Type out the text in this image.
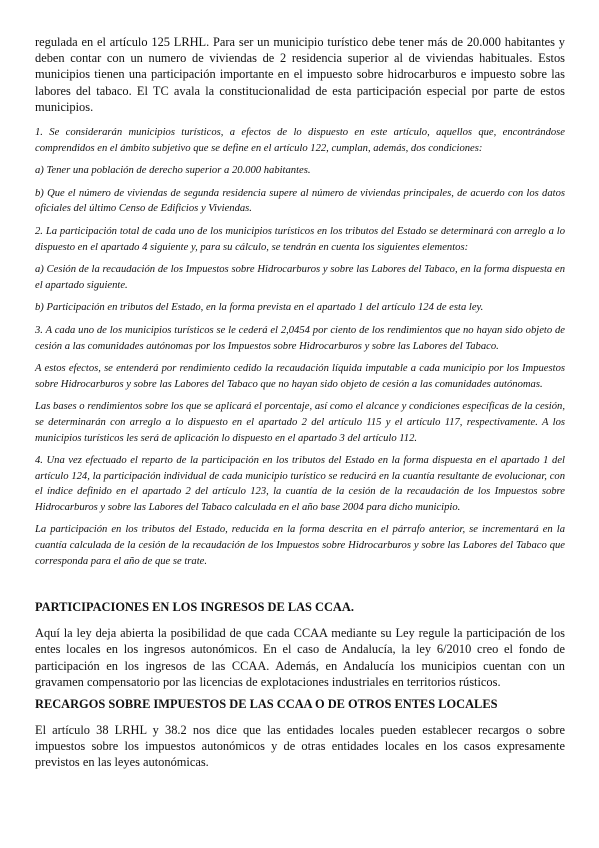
regulada en el artículo 125 LRHL. Para ser un municipio turístico debe tener más de 20.000 habitantes y deben contar con un numero de viviendas de 2 residencia superior al de viviendas habituales. Estos municipios tienen una participación importante en el impuesto sobre hidrocarburos e impuesto sobre las labores del tabaco. El TC avala la constitucionalidad de esta participación especial por parte de estos municipios.

1. Se considerarán municipios turísticos, a efectos de lo dispuesto en este artículo, aquellos que, encontrándose comprendidos en el ámbito subjetivo que se define en el artículo 122, cumplan, además, dos condiciones:

a) Tener una población de derecho superior a 20.000 habitantes.

b) Que el número de viviendas de segunda residencia supere al número de viviendas principales, de acuerdo con los datos oficiales del último Censo de Edificios y Viviendas.

2. La participación total de cada uno de los municipios turísticos en los tributos del Estado se determinará con arreglo a lo dispuesto en el apartado 4 siguiente y, para su cálculo, se tendrán en cuenta los siguientes elementos:

a) Cesión de la recaudación de los Impuestos sobre Hidrocarburos y sobre las Labores del Tabaco, en la forma dispuesta en el apartado siguiente.

b) Participación en tributos del Estado, en la forma prevista en el apartado 1 del artículo 124 de esta ley.

3. A cada uno de los municipios turísticos se le cederá el 2,0454 por ciento de los rendimientos que no hayan sido objeto de cesión a las comunidades autónomas por los Impuestos sobre Hidrocarburos y sobre las Labores del Tabaco.

A estos efectos, se entenderá por rendimiento cedido la recaudación líquida imputable a cada municipio por los Impuestos sobre Hidrocarburos y sobre las Labores del Tabaco que no hayan sido objeto de cesión a las comunidades autónomas.

Las bases o rendimientos sobre los que se aplicará el porcentaje, así como el alcance y condiciones específicas de la cesión, se determinarán con arreglo a lo dispuesto en el apartado 2 del artículo 115 y el artículo 117, respectivamente. A los municipios turísticos les será de aplicación lo dispuesto en el apartado 3 del artículo 112.

4. Una vez efectuado el reparto de la participación en los tributos del Estado en la forma dispuesta en el apartado 1 del artículo 124, la participación individual de cada municipio turístico se reducirá en la cuantía resultante de evolucionar, con el índice definido en el apartado 2 del artículo 123, la cuantía de la cesión de la recaudación de los Impuestos sobre Hidrocarburos y sobre las Labores del Tabaco calculada en el año base 2004 para dicho municipio.

La participación en los tributos del Estado, reducida en la forma descrita en el párrafo anterior, se incrementará en la cuantía calculada de la cesión de la recaudación de los Impuestos sobre Hidrocarburos y sobre las Labores del Tabaco que corresponda para el año de que se trate.

PARTICIPACIONES EN LOS INGRESOS DE LAS CCAA.

Aquí la ley deja abierta la posibilidad de que cada CCAA mediante su Ley regule la participación de los entes locales en los ingresos autonómicos. En el caso de Andalucía, la ley 6/2010 creo el fondo de participación en los ingresos de las CCAA. Además, en Andalucía los municipios cuentan con un gravamen compensatorio por las licencias de explotaciones industriales en territorios rústicos.

RECARGOS SOBRE IMPUESTOS DE LAS CCAA O DE OTROS ENTES LOCALES

El artículo 38 LRHL y 38.2 nos dice que las entidades locales pueden establecer recargos o sobre impuestos sobre los impuestos autonómicos y de otras entidades locales en los casos expresamente previstos en las leyes autonómicas.
